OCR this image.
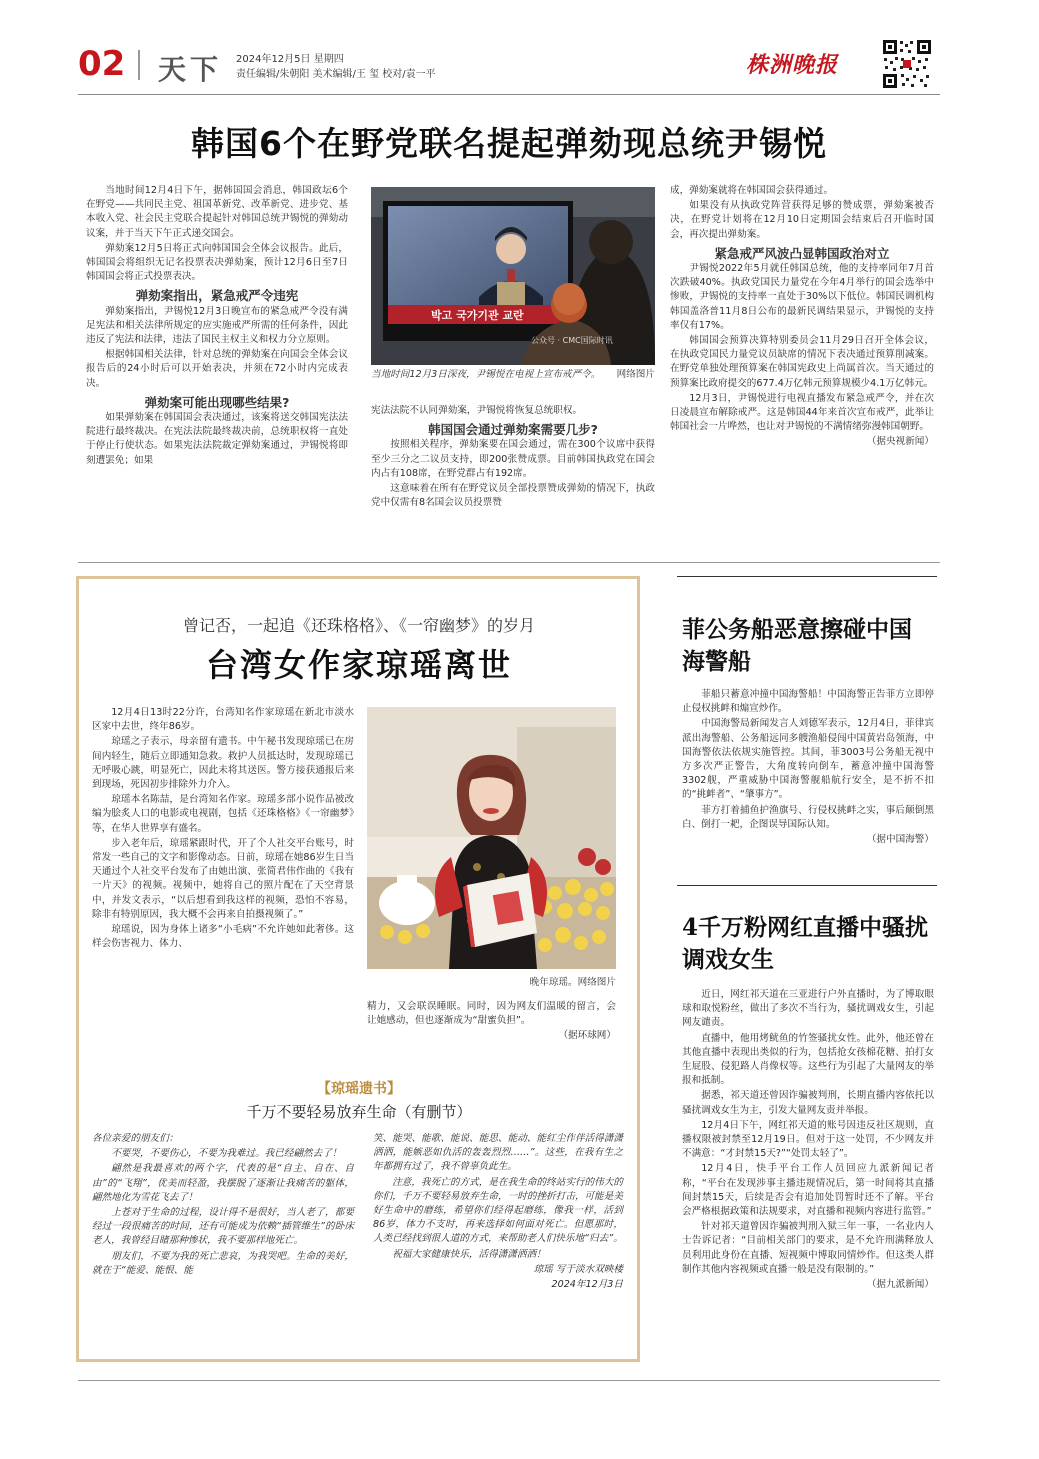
02 天下 2024年12月5日 星期四
责任编辑/朱朝阳 美术编辑/王 玺 校对/袁一平	株洲晚报
韩国6个在野党联名提起弹劾现总统尹锡悦

当地时间12月4日下午，据韩国国会消息，韩国政坛6个在野党——共同民主党、祖国革新党、改革新党、进步党、基本收入党、社会民主党联合提起针对韩国总统尹锡悦的弹劾动议案，并于当天下午正式递交国会。

弹劾案12月5日将正式向韩国国会全体会议报告。此后，韩国国会将组织无记名投票表决弹劾案，预计12月6日至7日韩国国会将正式投票表决。

弹劾案指出，紧急戒严令违宪

弹劾案指出，尹锡悦12月3日晚宣布的紧急戒严令没有满足宪法和相关法律所规定的应实施戒严所需的任何条件，因此违反了宪法和法律，违法了国民主权主义和权力分立原则。

根据韩国相关法律，针对总统的弹劾案在向国会全体会议报告后的24小时后可以开始表决，并须在72小时内完成表决。

弹劾案可能出现哪些结果?

如果弹劾案在韩国国会表决通过，该案将送交韩国宪法法院进行最终裁决。在宪法法院最终裁决前，总统职权将一直处于停止行使状态。如果宪法法院裁定弹劾案通过，尹锡悦将即刻遭罢免；如果

박고 국가기관 교란
公众号 · CMC国际时讯
当地时间12月3日深夜，尹锡悦在电视上宣布戒严令。 网络图片

宪法法院不认同弹劾案，尹锡悦将恢复总统职权。

韩国国会通过弹劾案需要几步?

按照相关程序，弹劾案要在国会通过，需在300个议席中获得至少三分之二议员支持，即200张赞成票。目前韩国执政党在国会内占有108席，在野党群占有192席。

这意味着在所有在野党议员全部投票赞成弹劾的情况下，执政党中仅需有8名国会议员投票赞

成，弹劾案就将在韩国国会获得通过。

如果没有从执政党阵营获得足够的赞成票，弹劾案被否决，在野党计划将在12月10日定期国会结束后召开临时国会，再次提出弹劾案。

紧急戒严风波凸显韩国政治对立

尹锡悦2022年5月就任韩国总统，他的支持率同年7月首次跌破40%。执政党国民力量党在今年4月举行的国会选举中惨败，尹锡悦的支持率一直处于30%以下低位。韩国民调机构韩国盖洛普11月8日公布的最新民调结果显示，尹锡悦的支持率仅有17%。

韩国国会预算决算特别委员会11月29日召开全体会议，在执政党国民力量党议员缺席的情况下表决通过预算削减案。在野党单独处理预算案在韩国宪政史上尚属首次。当天通过的预算案比政府提交的677.4万亿韩元预算规模少4.1万亿韩元。

12月3日，尹锡悦进行电视直播发布紧急戒严令，并在次日凌晨宣布解除戒严。这是韩国44年来首次宣布戒严，此举让韩国社会一片哗然，也让对尹锡悦的不满情绪弥漫韩国朝野。

（据央视新闻）

曾记否，一起追《还珠格格》、《一帘幽梦》的岁月
台湾女作家琼瑶离世

12月4日13时22分许，台湾知名作家琼瑶在新北市淡水区家中去世，终年86岁。

琼瑶之子表示，母亲留有遗书。中午秘书发现琼瑶已在房间内轻生，随后立即通知急救。救护人员抵达时，发现琼瑶已无呼吸心跳，明显死亡，因此未将其送医。警方接获通报后来到现场，死因初步排除外力介入。

琼瑶本名陈喆，是台湾知名作家。琼瑶多部小说作品被改编为脍炙人口的电影或电视剧，包括《还珠格格》《一帘幽梦》等，在华人世界享有盛名。

步入老年后，琼瑶紧跟时代，开了个人社交平台账号，时常发一些自己的文字和影像动态。日前，琼瑶在她86岁生日当天通过个人社交平台发布了由她出演、张简君伟作曲的《我有一片天》的视频。视频中，她将自己的照片配在了天空背景中，并发文表示，“以后想看到我这样的视频，恐怕不容易，除非有特别原因，我大概不会再来自拍摄视频了。”

琼瑶说，因为身体上诸多“小毛病”不允许她如此奢侈。这样会伤害视力、体力、

晚年琼瑶。网络图片

精力，又会联误睡眠。同时，因为网友们温暖的留言，会让她感动，但也逐渐成为“甜蜜负担”。

（据环球网）

【琼瑶遗书】
千万不要轻易放弃生命（有删节）

各位亲爱的朋友们：

不要哭，不要伤心，不要为我难过。我已经翩然去了！

翩然是我最喜欢的两个字，代表的是“自主、自在、自由”的“飞翔”，优美而轻盈，我摆脱了逐渐让我痛苦的躯体，翩然地化为雪花飞去了！

上苍对于生命的过程，设计得不是很好，当人老了，都要经过一段很痛苦的时间，还有可能成为依赖“插管维生”的卧床老人，我曾经目睹那种惨状，我不要那样地死亡。

朋友们，不要为我的死亡悲哀，为我哭吧。生命的美好，就在于“能爱、能恨、能

笑、能哭、能歌、能说、能思、能动、能红尘作伴活得潇潇洒洒，能嫉恶如仇活的轰轰烈烈……”。这些，在我有生之年都拥有过了，我不曾辜负此生。

注意，我死亡的方式，是在我生命的终站实行的伟大的你们，千万不要轻易放弃生命，一时的挫折打击，可能是美好生命中的磨练，希望你们经得起磨练，像我一样，活到86岁，体力不支时，再来选择如何面对死亡。但愿那时，人类已经找到很人道的方式，来帮助老人们快乐地“归去”。

祝福大家健康快乐，活得潇潇洒洒！

琼瑶 写于淡水双映楼

2024年12月3日

菲公务船恶意擦碰中国海警船

菲船只蓄意冲撞中国海警船！中国海警正告菲方立即停止侵权挑衅和煽宣炒作。

中国海警局新闻发言人刘德军表示，12月4日，菲律宾派出海警船、公务船远同多艘渔船侵闯中国黄岩岛领海，中国海警依法依规实施管控。其间，菲3003号公务船无视中方多次严正警告，大角度转向倒车，蓄意冲撞中国海警3302舰，严重威胁中国海警舰船航行安全，是不折不扣的“挑衅者”、“肇事方”。

菲方打着捕鱼护渔旗号、行侵权挑衅之实，事后颠倒黑白、倒打一耙，企图误导国际认知。

（据中国海警）

4千万粉网红直播中骚扰调戏女生

近日，网红祁天道在三亚进行户外直播时，为了博取眼球和取悦粉丝，做出了多次不当行为，骚扰调戏女生，引起网友谴责。

直播中，他用烤鱿鱼的竹签骚扰女性。此外，他还曾在其他直播中表现出类似的行为，包括抢女孩棉花糖、拍打女生屁股、侵犯路人肖像权等。这些行为引起了大量网友的举报和抵制。

据悉，祁天道还曾因诈骗被判刑，长期直播内容依托以骚扰调戏女生为主，引发大量网友责并举报。

12月4日下午，网红祁天道的账号因违反社区规则，直播权限被封禁至12月19日。但对于这一处罚，不少网友并不满意：“才封禁15天?”“处罚太轻了”。

12月4日，快手平台工作人员回应九派新闻记者称，“平台在发现涉事主播违规情况后，第一时间将其直播间封禁15天，后续是否会有追加处罚暂时还不了解。平台会严格根据政策和法规要求，对直播和视频内容进行监管。”

针对祁天道曾因诈骗被判刑入狱三年一事，一名业内人士告诉记者：“目前相关部门的要求，是不允许刑满释放人员利用此身份在直播、短视频中博取同情炒作。但这类人群制作其他内容视频或直播一般是没有限制的。”

（据九派新闻）
